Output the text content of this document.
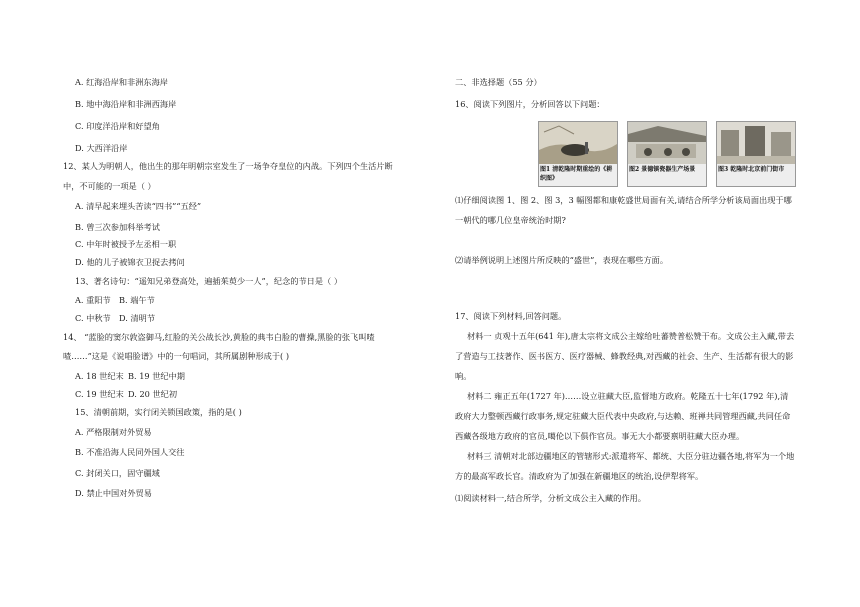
A. 红海沿岸和非洲东海岸
B. 地中海沿岸和非洲西海岸
C. 印度洋沿岸和好望角
D. 大西洋沿岸
12、某人为明朝人，他出生的那年明朝宗室发生了一场争夺皇位的内战。下列四个生活片断
中，不可能的一项是（ ）
A. 清早起来埋头苦读“四书”“五经”
B. 曾三次参加科举考试
C. 中年时被授予左丞相一职
D. 他的儿子被锦衣卫捉去拷问
13、著名诗句：“遥知兄弟登高处，遍插茱萸少一人”，纪念的节日是（ ）
A. 重阳节 B. 端午节
C. 中秋节 D. 清明节
14、 “蓝脸的窦尔敦盗御马,红脸的关公战长沙,黄脸的典韦白脸的曹操,黑脸的张飞叫喳
喳……”这是《说唱脸谱》中的一句唱词，其所属剧种形成于( )
A. 18 世纪末 B. 19 世纪中期
C. 19 世纪末 D. 20 世纪初
15、清朝前期，实行闭关锁国政策，指的是( )
A. 严格限制对外贸易
B. 不准沿海人民同外国人交往
C. 封闭关口，固守疆域
D. 禁止中国对外贸易
二、非选择题（55 分）
16、阅读下列图片，分析回答以下问题：
图1 清乾隆时期重绘的《耕织图》
图2 景德镇瓷器生产场景	图3 乾隆时北京前门街市
⑴仔细阅读图 1、图 2、图 3，3 幅图都和康乾盛世局面有关,请结合所学分析该局面出现于哪一朝代的哪几位皇帝统治时期?
⑵请举例说明上述图片所反映的“盛世”，表现在哪些方面。
17、阅读下列材料,回答问题。
材料一 贞观十五年(641 年),唐太宗将文成公主嫁给吐蕃赞普松赞干布。文成公主入藏,带去了营造与工技著作、医书医方、医疗器械、蜂教经典,对西藏的社会、生产、生活都有很大的影响。
材料二 雍正五年(1727 年)……设立驻藏大臣,监督地方政府。乾隆五十七年(1792 年),清政府大力整顿西藏行政事务,规定驻藏大臣代表中央政府,与达赖、班禅共同管理西藏,共同任命西藏各级地方政府的官员,噶伦以下俱作官员。事无大小都要禀明驻藏大臣办理。
材料三 清朝对北部边疆地区的管辖形式:派遣将军、都统、大臣分驻边疆各地,将军为一个地方的最高军政长官。清政府为了加强在新疆地区的统治,设伊犁将军。
⑴阅读材料一,结合所学，分析文成公主入藏的作用。
